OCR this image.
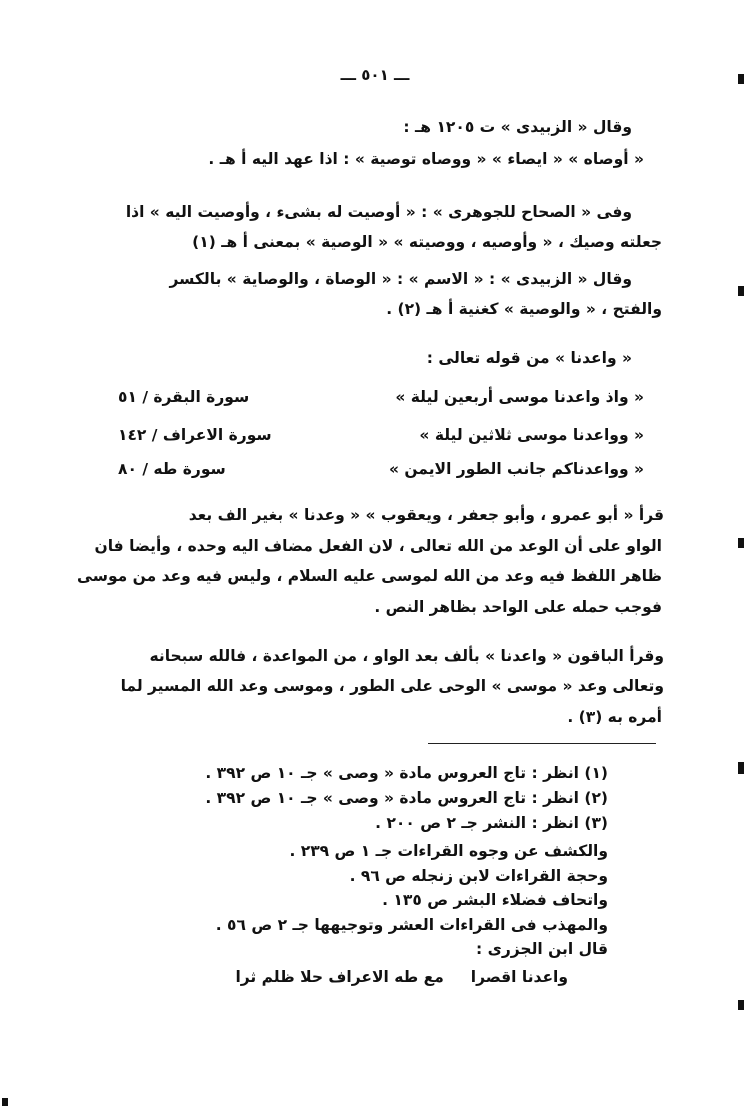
ـــ ٥٠١ ـــ
وقال « الزبيدى » ت ١٢٠٥ هـ :
« أوصاه » « ايصاء » « ووصاه توصية » : اذا عهد اليه أ هـ .
وفى « الصحاح للجوهرى » : « أوصيت له بشىء ، وأوصيت اليه » اذا
جعلته وصيك ، « وأوصيه ، ووصيته » « الوصية » بمعنى أ هـ (١)
وقال « الزبيدى » : « الاسم » : « الوصاة ، والوصاية » بالكسر
والفتح ، « والوصية » كغنية أ هـ (٢) .
« واعدنا » من قوله تعالى :
« واذ واعدنا موسى أربعين ليلة »
سورة البقرة / ٥١
« وواعدنا موسى ثلاثين ليلة »
سورة الاعراف / ١٤٢
« وواعدناكم جانب الطور الايمن »
سورة طه / ٨٠
قرأ « أبو عمرو ، وأبو جعفر ، ويعقوب » « وعدنا » بغير الف بعد
الواو على أن الوعد من الله تعالى ، لان الفعل مضاف اليه وحده ، وأيضا فان
ظاهر اللفظ فيه وعد من الله لموسى عليه السلام ، وليس فيه وعد من موسى
فوجب حمله على الواحد بظاهر النص .
وقرأ الباقون « واعدنا » بألف بعد الواو ، من المواعدة ، فالله سبحانه
وتعالى وعد « موسى » الوحى على الطور ، وموسى وعد الله المسير لما
أمره به (٣) .
(١) انظر : تاج العروس مادة « وصى » جـ ١٠ ص ٣٩٢ .
(٢) انظر : تاج العروس مادة « وصى » جـ ١٠ ص ٣٩٢ .
(٣) انظر : النشر جـ ٢ ص ٢٠٠ .
والكشف عن وجوه القراءات جـ ١ ص ٢٣٩ .
وحجة القراءات لابن زنجله ص ٩٦ .
واتحاف فضلاء البشر ص ١٣٥ .
والمهذب فى القراءات العشر وتوجيهها جـ ٢ ص ٥٦ .
قال ابن الجزرى :
واعدنا اقصرا     مع طه الاعراف حلا ظلم ثرا
